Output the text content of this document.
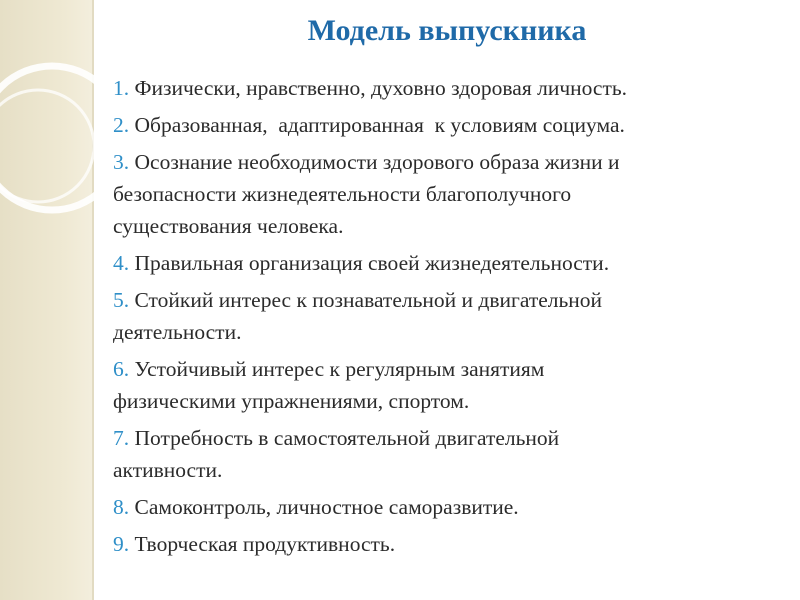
Модель выпускника
1. Физически, нравственно, духовно здоровая личность.
2. Образованная,  адаптированная  к условиям социума.
3. Осознание необходимости здорового образа жизни и
безопасности жизнедеятельности благополучного
существования человека.
4. Правильная организация своей жизнедеятельности.
5. Стойкий интерес к познавательной и двигательной
деятельности.
6. Устойчивый интерес к регулярным занятиям
физическими упражнениями, спортом.
7. Потребность в самостоятельной двигательной
активности.
8. Самоконтроль, личностное саморазвитие.
9. Творческая продуктивность.
